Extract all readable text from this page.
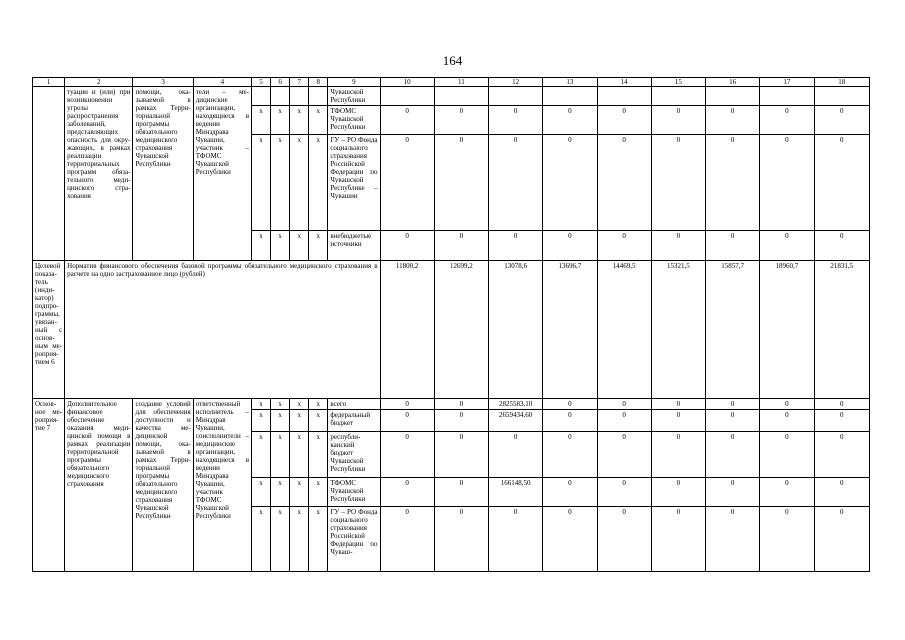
164
1	2	3	4	5	6	7	8	9	10	11	12	13	14	15	16	17	18
	туации и (или) при возникновении угрозы распространения заболеваний, представляющих опасность для окружающих, в рамках реализации территориальных программ обязательного медицинского страхования	помощи, оказываемой в рамках Территориальной программы обязательного медицинского страхования Чувашской Республики	тели – медицинские организации, находящиеся в ведении Минздрава Чувашии, участник – ТФОМС Чувашской Республики					Чувашской Республики									
				x	x	x	x	ТФОМС Чувашской Республики	0	0	0	0	0	0	0	0	0
				x	x	x	x	ГУ – РО Фонда социального страхования Российской Федерации по Чувашской Республике – Чувашии	0	0	0	0	0	0	0	0	0
				x	x	x	x	внебюджетые источники	0	0	0	0	0	0	0	0	0
Целевой показатель (индикатор) подпрограммы, увязанный с основным мероприятием 6	Норматив финансового обеспечения базовой программы обязательного медицинского страхования в расчете на одно застрахованное лицо (рублей)								11800,2	12699,2	13078,6	13696,7	14469,5	15321,5	15857,7	18960,7	21831,5
Основное мероприятие 7	Дополнительное финансовое обеспечение оказания медицинской помощи в рамках реализации территориальной программы обязательного медицинского страхования	создание условий для обеспечения доступности и качества медицинской помощи, оказываемой в рамках Территориальной программы обязательного медицинского страхования Чувашской Республики	ответственный исполнитель – Минздрав Чувашии, соисполнители – медицинские организации, находящиеся в ведении Минздрава Чувашии, участник ТФОМС Чувашской Республики	x	x	x	x	всего	0	0	2825583,10	0	0	0	0	0	0
				x	x	x	x	федеральный бюджет	0	0	2659434,60	0	0	0	0	0	0
				x	x	x	x	республиканский бюджет Чувашской Республики	0	0	0	0	0	0	0	0	0
				x	x	x	x	ТФОМС Чувашской Республики	0	0	166148,50	0	0	0	0	0	0
				x	x	x	x	ГУ – РО Фонда социального страхования Российской Федерации по Чуваш-	0	0	0	0	0	0	0	0	0
